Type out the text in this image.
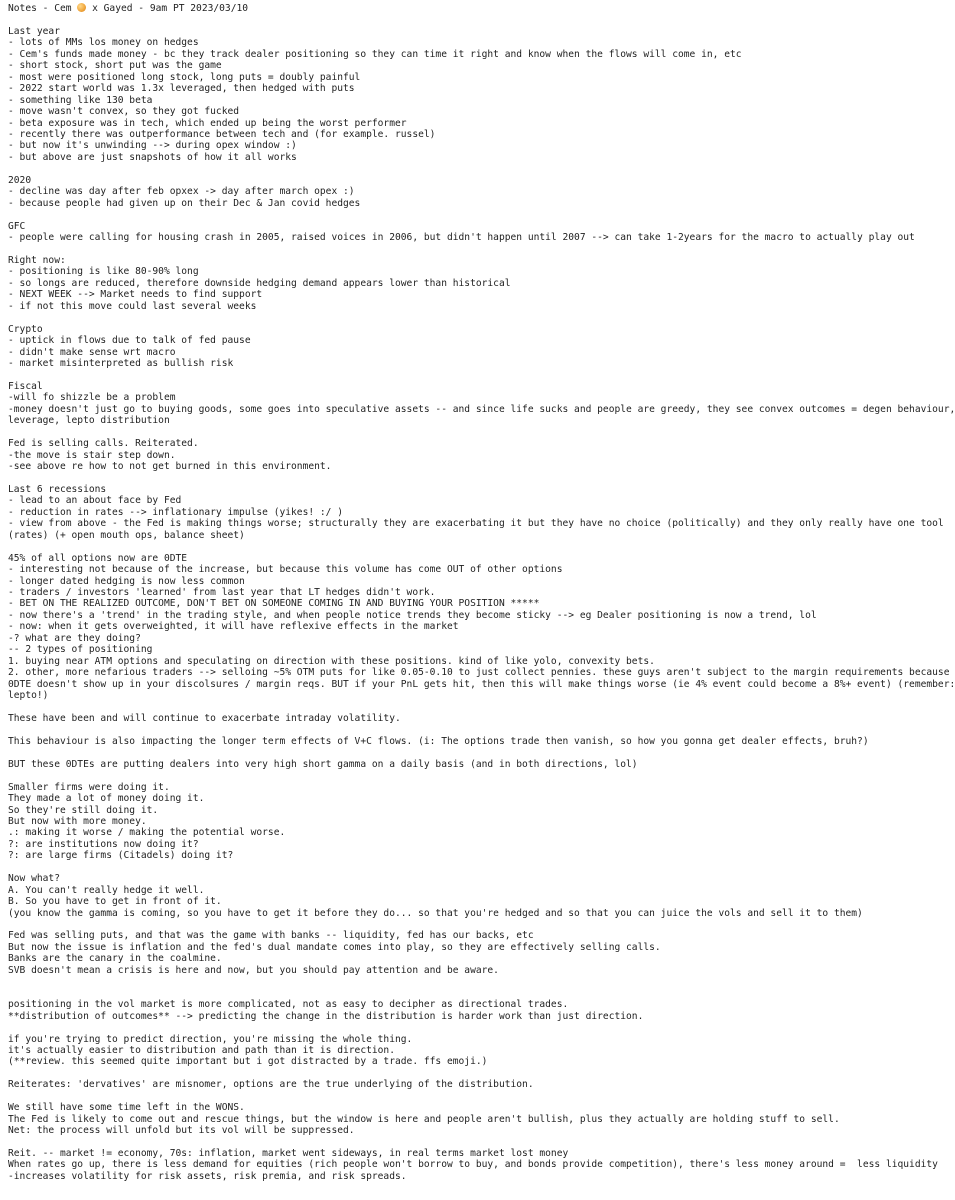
Notes - Cem  x Gayed - 9am PT 2023/03/10
Last year
- lots of MMs los money on hedges
- Cem's funds made money - bc they track dealer positioning so they can time it right and know when the flows will come in, etc
- short stock, short put was the game
- most were positioned long stock, long puts = doubly painful
- 2022 start world was 1.3x leveraged, then hedged with puts
- something like 130 beta
- move wasn't convex, so they got fucked
- beta exposure was in tech, which ended up being the worst performer
- recently there was outperformance between tech and (for example. russel)
- but now it's unwinding --> during opex window :)
- but above are just snapshots of how it all works
2020
- decline was day after feb opxex -> day after march opex :)
- because people had given up on their Dec & Jan covid hedges
GFC
- people were calling for housing crash in 2005, raised voices in 2006, but didn't happen until 2007 --> can take 1-2years for the macro to actually play out
Right now:
- positioning is like 80-90% long
- so longs are reduced, therefore downside hedging demand appears lower than historical
- NEXT WEEK --> Market needs to find support
- if not this move could last several weeks
Crypto
- uptick in flows due to talk of fed pause
- didn't make sense wrt macro
- market misinterpreted as bullish risk
Fiscal
-will fo shizzle be a problem
-money doesn't just go to buying goods, some goes into speculative assets -- and since life sucks and people are greedy, they see convex outcomes = degen behaviour,
leverage, lepto distribution
Fed is selling calls. Reiterated.
-the move is stair step down.
-see above re how to not get burned in this environment.
Last 6 recessions
- lead to an about face by Fed
- reduction in rates --> inflationary impulse (yikes! :/ )
- view from above - the Fed is making things worse; structurally they are exacerbating it but they have no choice (politically) and they only really have one tool
(rates) (+ open mouth ops, balance sheet)
45% of all options now are 0DTE
- interesting not because of the increase, but because this volume has come OUT of other options
- longer dated hedging is now less common
- traders / investors 'learned' from last year that LT hedges didn't work.
- BET ON THE REALIZED OUTCOME, DON'T BET ON SOMEONE COMING IN AND BUYING YOUR POSITION *****
- now there's a 'trend' in the trading style, and when people notice trends they become sticky --> eg Dealer positioning is now a trend, lol
- now: when it gets overweighted, it will have reflexive effects in the market
-? what are they doing?
-- 2 types of positioning
1. buying near ATM options and speculating on direction with these positions. kind of like yolo, convexity bets.
2. other, more nefarious traders --> selloing ~5% OTM puts for like 0.05-0.10 to just collect pennies. these guys aren't subject to the margin requirements because
0DTE doesn't show up in your discolsures / margin reqs. BUT if your PnL gets hit, then this will make things worse (ie 4% event could become a 8%+ event) (remember:
lepto!)
These have been and will continue to exacerbate intraday volatility.
This behaviour is also impacting the longer term effects of V+C flows. (i: The options trade then vanish, so how you gonna get dealer effects, bruh?)
BUT these 0DTEs are putting dealers into very high short gamma on a daily basis (and in both directions, lol)
Smaller firms were doing it.
They made a lot of money doing it.
So they're still doing it.
But now with more money.
.: making it worse / making the potential worse.
?: are institutions now doing it?
?: are large firms (Citadels) doing it?
Now what?
A. You can't really hedge it well.
B. So you have to get in front of it.
(you know the gamma is coming, so you have to get it before they do... so that you're hedged and so that you can juice the vols and sell it to them)
Fed was selling puts, and that was the game with banks -- liquidity, fed has our backs, etc
But now the issue is inflation and the fed's dual mandate comes into play, so they are effectively selling calls.
Banks are the canary in the coalmine.
SVB doesn't mean a crisis is here and now, but you should pay attention and be aware.
positioning in the vol market is more complicated, not as easy to decipher as directional trades.
**distribution of outcomes** --> predicting the change in the distribution is harder work than just direction.
if you're trying to predict direction, you're missing the whole thing.
it's actually easier to distribution and path than it is direction.
(**review. this seemed quite important but i got distracted by a trade. ffs emoji.)
Reiterates: 'dervatives' are misnomer, options are the true underlying of the distribution.
We still have some time left in the WONS.
The Fed is likely to come out and rescue things, but the window is here and people aren't bullish, plus they actually are holding stuff to sell.
Net: the process will unfold but its vol will be suppressed.
Reit. -- market != economy, 70s: inflation, market went sideways, in real terms market lost money
When rates go up, there is less demand for equities (rich people won't borrow to buy, and bonds provide competition), there's less money around =  less liquidity
-increases volatility for risk assets, risk premia, and risk spreads.
